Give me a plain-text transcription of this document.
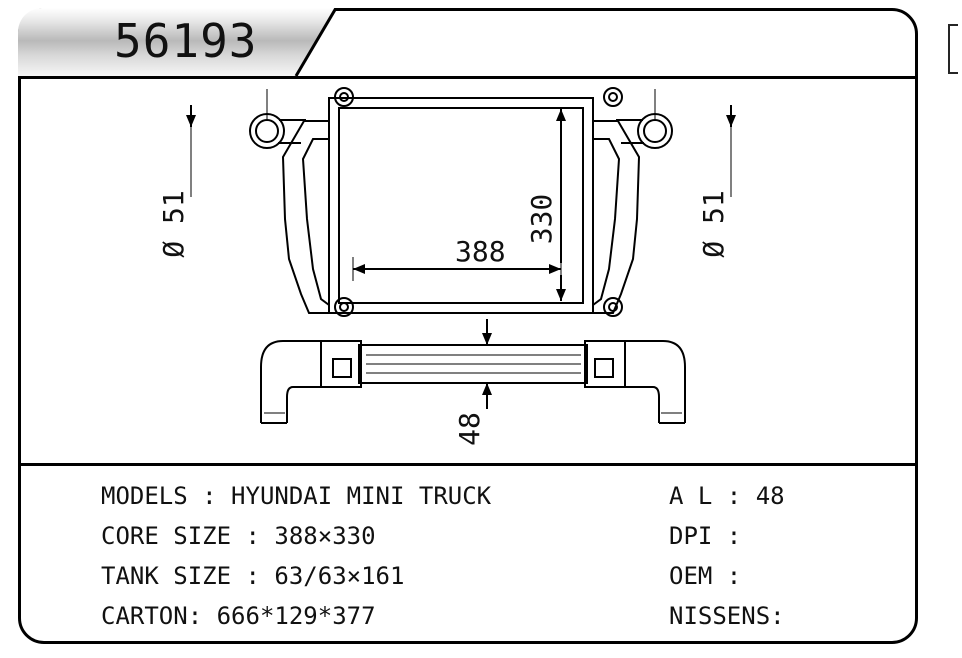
56193
388
330
Ø 51	Ø 51
48
MODELS : HYUNDAI MINI TRUCK
CORE SIZE : 388×330
TANK SIZE : 63/63×161
CARTON: 666*129*377
A L : 48
DPI :
OEM :
NISSENS:
